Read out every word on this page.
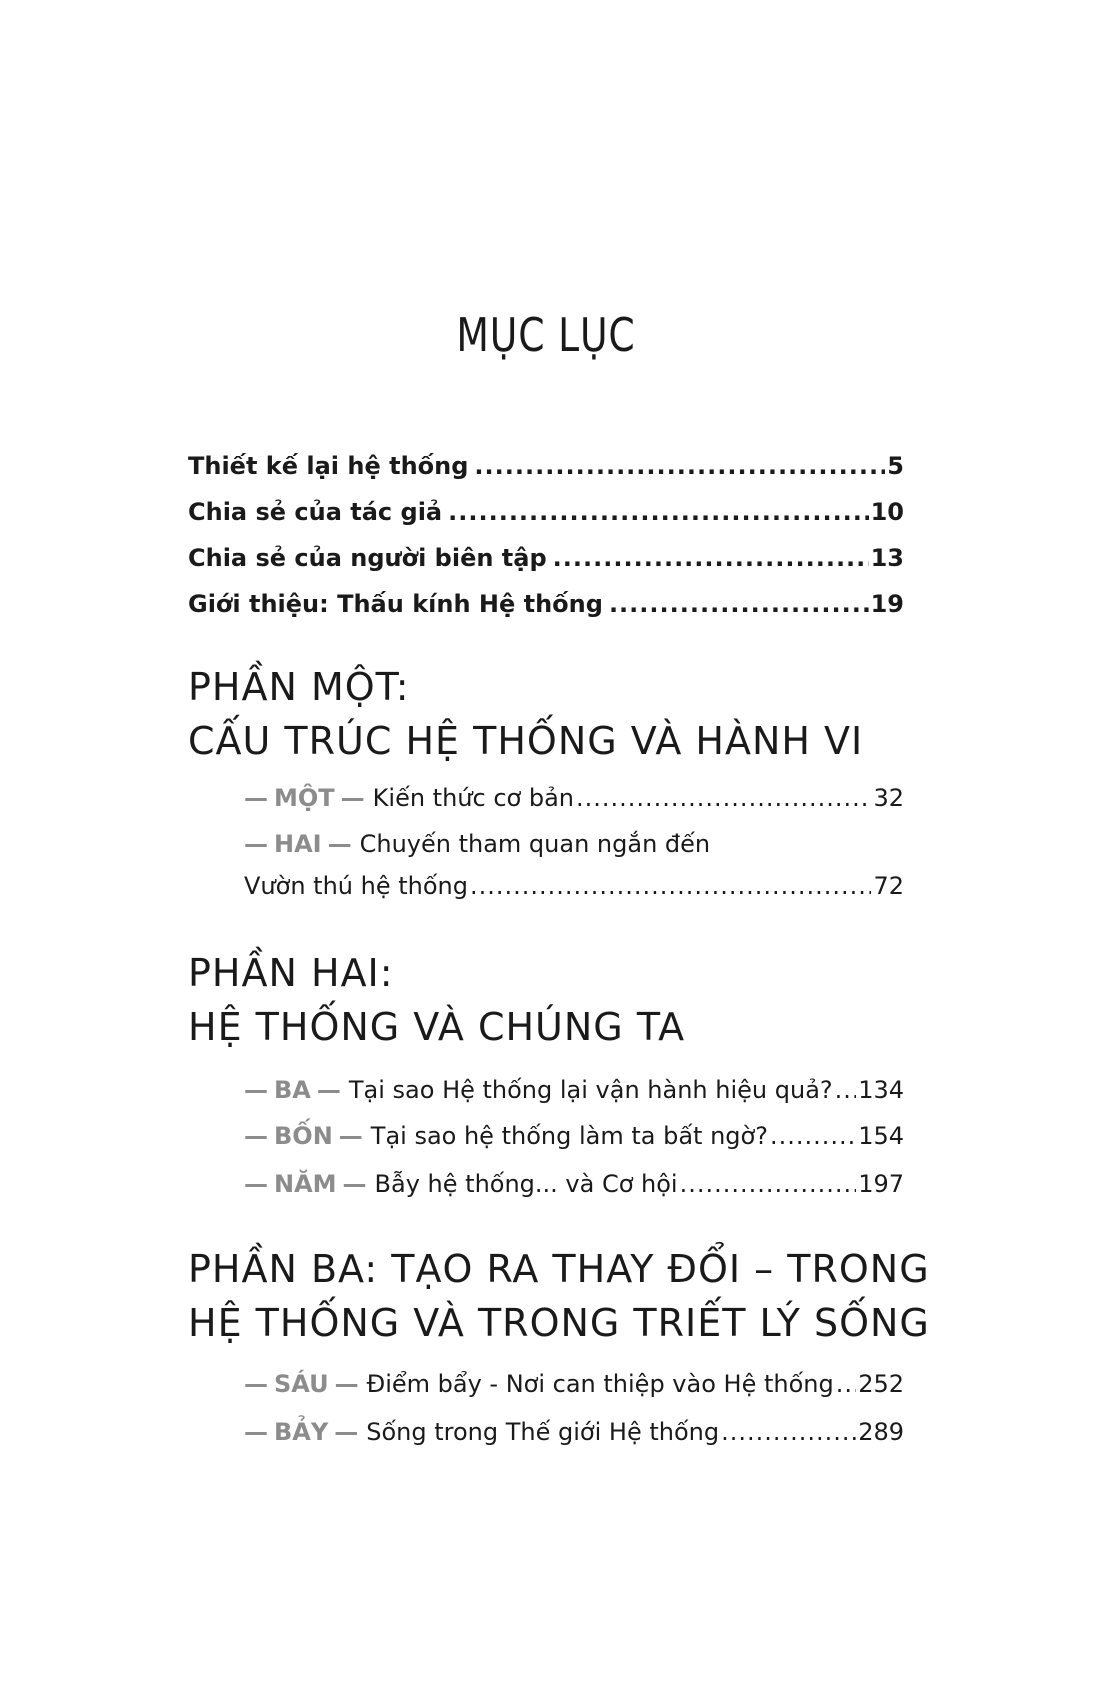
MỤC LỤC
Thiết kế lại hệ thống .....	5
Chia sẻ của tác giả .....	10
Chia sẻ của người biên tập .....	13
Giới thiệu: Thấu kính Hệ thống .....	19
PHẦN MỘT:
CẤU TRÚC HỆ THỐNG VÀ HÀNH VI
— MỘT — Kiến thức cơ bản .....	32
— HAI — Chuyến tham quan ngắn đến
Vườn thú hệ thống .....	72
PHẦN HAI:
HỆ THỐNG VÀ CHÚNG TA
— BA — Tại sao Hệ thống lại vận hành hiệu quả? ..... 134
— BỐN — Tại sao hệ thống làm ta bất ngờ? .....	154
— NĂM — Bẫy hệ thống... và Cơ hội .....	197
PHẦN BA: TẠO RA THAY ĐỔI – TRONG
HỆ THỐNG VÀ TRONG TRIẾT LÝ SỐNG
— SÁU — Điểm bẩy - Nơi can thiệp vào Hệ thống ..... 252
— BẢY — Sống trong Thế giới Hệ thống .....	289
